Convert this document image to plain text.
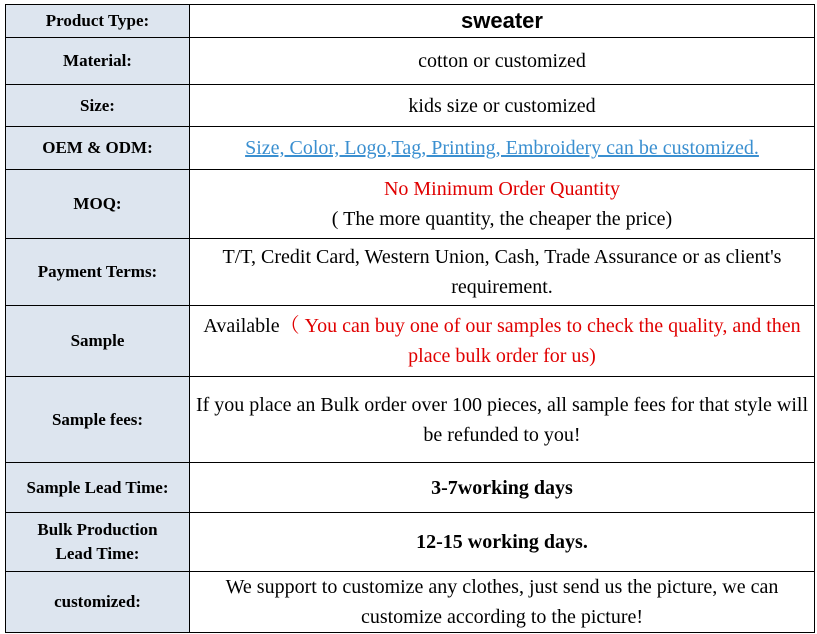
Product Type:	sweater
Material:	cotton or customized
Size:	kids size or customized
OEM & ODM:	Size, Color, Logo,Tag, Printing, Embroidery can be customized.
MOQ:	No Minimum Order Quantity
( The more quantity, the cheaper the price)

Payment Terms:	T/T, Credit Card, Western Union, Cash, Trade Assurance or as client's requirement.
Sample	Available（ You can buy one of our samples to check the quality, and then place bulk order for us)
Sample fees:	If you place an Bulk order over 100 pieces, all sample fees for that style will be refunded to you!
Sample Lead Time:	3-7working days

Bulk Production
Lead Time:	12-15 working days.
customized:	We support to customize any clothes, just send us the picture, we can customize according to the picture!
